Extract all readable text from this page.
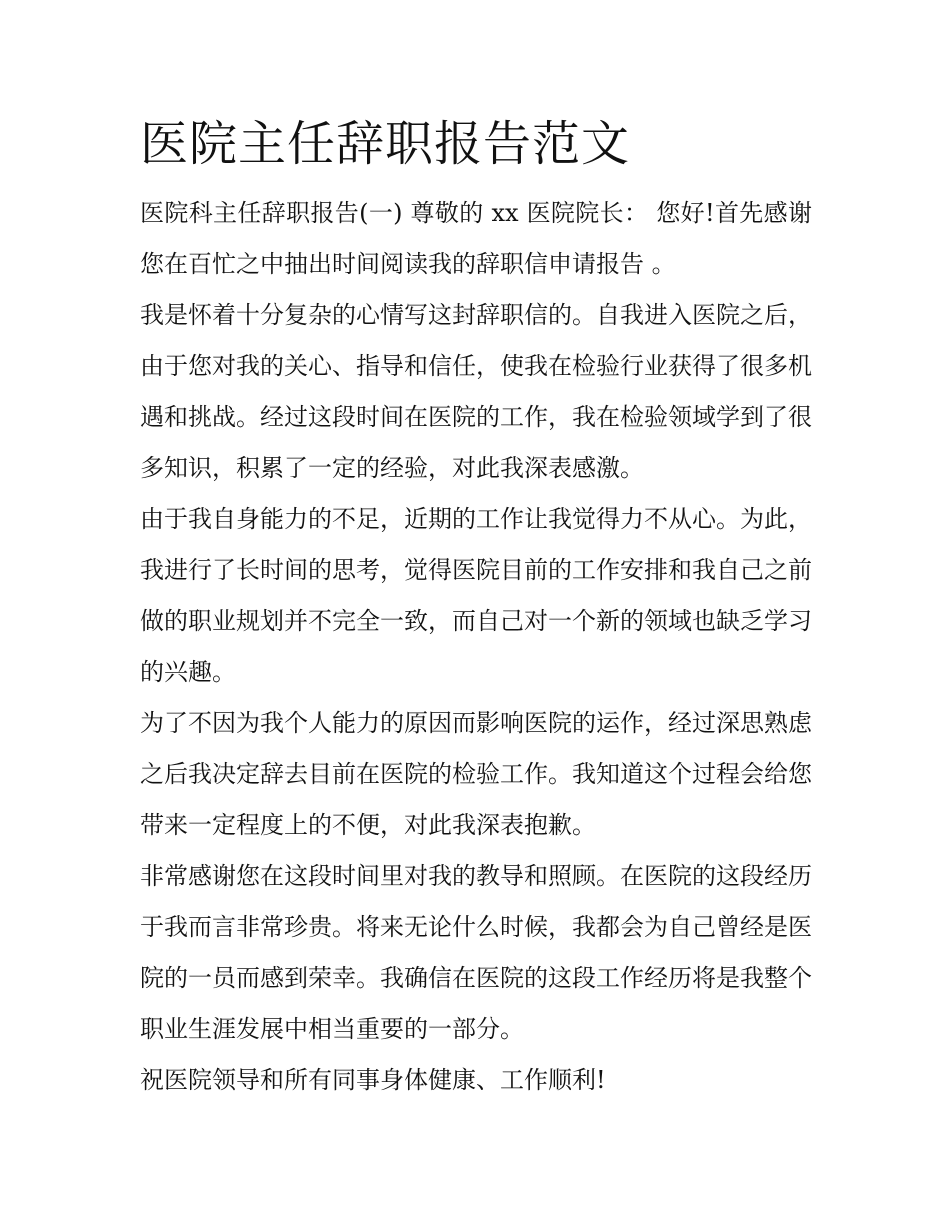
医院主任辞职报告范文

医院科主任辞职报告(一) 尊敬的 xx 医院院长： 您好!首先感谢您在百忙之中抽出时间阅读我的辞职信申请报告 。

我是怀着十分复杂的心情写这封辞职信的。自我进入医院之后，由于您对我的关心、指导和信任，使我在检验行业获得了很多机遇和挑战。经过这段时间在医院的工作，我在检验领域学到了很多知识，积累了一定的经验，对此我深表感激。

由于我自身能力的不足，近期的工作让我觉得力不从心。为此，我进行了长时间的思考，觉得医院目前的工作安排和我自己之前做的职业规划并不完全一致，而自己对一个新的领域也缺乏学习的兴趣。

为了不因为我个人能力的原因而影响医院的运作，经过深思熟虑之后我决定辞去目前在医院的检验工作。我知道这个过程会给您带来一定程度上的不便，对此我深表抱歉。

非常感谢您在这段时间里对我的教导和照顾。在医院的这段经历于我而言非常珍贵。将来无论什么时候，我都会为自己曾经是医院的一员而感到荣幸。我确信在医院的这段工作经历将是我整个职业生涯发展中相当重要的一部分。

祝医院领导和所有同事身体健康、工作顺利!
